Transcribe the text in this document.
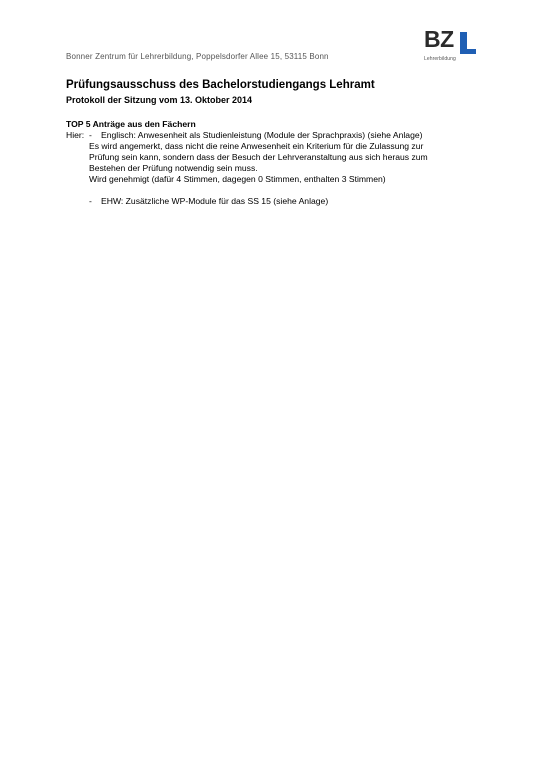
Bonner Zentrum für Lehrerbildung, Poppelsdorfer Allee 15, 53115 Bonn
BZ
Lehrerbildung
Prüfungsausschuss des Bachelorstudiengangs Lehramt
Protokoll der Sitzung vom 13. Oktober 2014
TOP 5 Anträge aus den Fächern
Hier: - Englisch: Anwesenheit als Studienleistung (Module der Sprachpraxis) (siehe Anlage)
Es wird angemerkt, dass nicht die reine Anwesenheit ein Kriterium für die Zulassung zur
Prüfung sein kann, sondern dass der Besuch der Lehrveranstaltung aus sich heraus zum
Bestehen der Prüfung notwendig sein muss.
Wird genehmigt (dafür 4 Stimmen, dagegen 0 Stimmen, enthalten 3 Stimmen)
- EHW: Zusätzliche WP-Module für das SS 15 (siehe Anlage)
